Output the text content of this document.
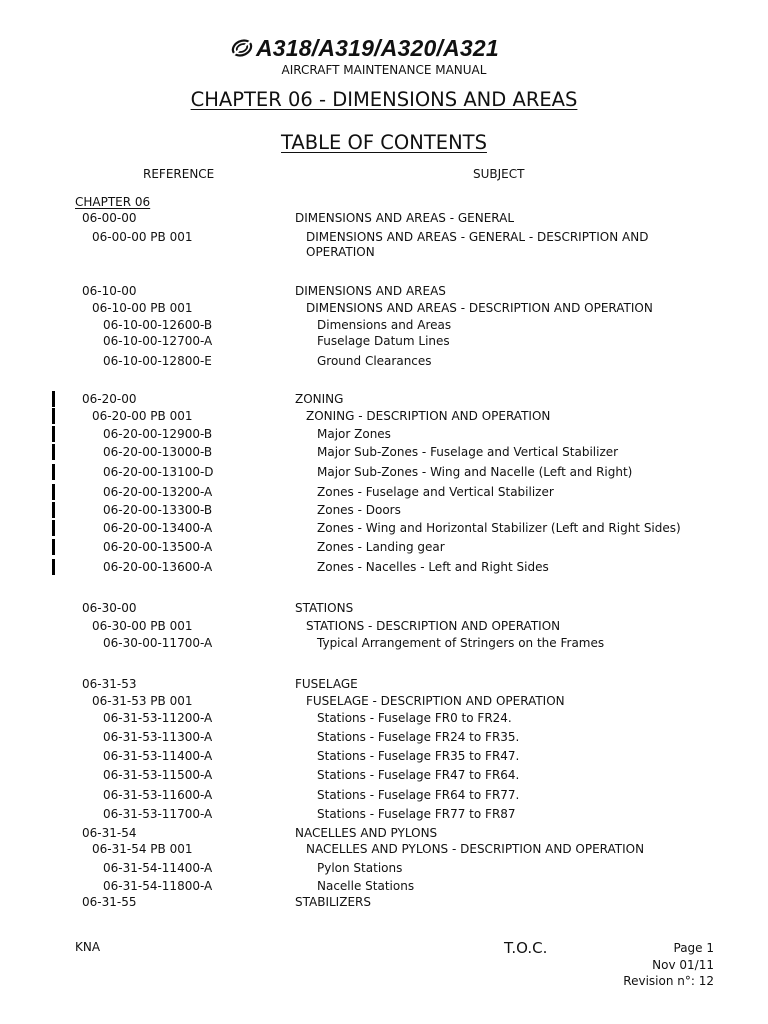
A318/A319/A320/A321
AIRCRAFT MAINTENANCE MANUAL
CHAPTER 06 - DIMENSIONS AND AREAS
TABLE OF CONTENTS
REFERENCE	SUBJECT
CHAPTER 06
06-00-00	DIMENSIONS AND AREAS - GENERAL
06-00-00 PB 001	DIMENSIONS AND AREAS - GENERAL - DESCRIPTION AND
OPERATION
06-10-00	DIMENSIONS AND AREAS
06-10-00 PB 001	DIMENSIONS AND AREAS - DESCRIPTION AND OPERATION
06-10-00-12600-B	Dimensions and Areas
06-10-00-12700-A	Fuselage Datum Lines
06-10-00-12800-E	Ground Clearances
06-20-00	ZONING
06-20-00 PB 001	ZONING - DESCRIPTION AND OPERATION
06-20-00-12900-B	Major Zones
06-20-00-13000-B	Major Sub-Zones - Fuselage and Vertical Stabilizer
06-20-00-13100-D	Major Sub-Zones - Wing and Nacelle (Left and Right)
06-20-00-13200-A	Zones - Fuselage and Vertical Stabilizer
06-20-00-13300-B	Zones - Doors
06-20-00-13400-A	Zones - Wing and Horizontal Stabilizer (Left and Right Sides)
06-20-00-13500-A	Zones - Landing gear
06-20-00-13600-A	Zones - Nacelles - Left and Right Sides
06-30-00	STATIONS
06-30-00 PB 001	STATIONS - DESCRIPTION AND OPERATION
06-30-00-11700-A	Typical Arrangement of Stringers on the Frames
06-31-53	FUSELAGE
06-31-53 PB 001	FUSELAGE - DESCRIPTION AND OPERATION
06-31-53-11200-A	Stations - Fuselage FR0 to FR24.
06-31-53-11300-A	Stations - Fuselage FR24 to FR35.
06-31-53-11400-A	Stations - Fuselage FR35 to FR47.
06-31-53-11500-A	Stations - Fuselage FR47 to FR64.
06-31-53-11600-A	Stations - Fuselage FR64 to FR77.
06-31-53-11700-A	Stations - Fuselage FR77 to FR87
06-31-54	NACELLES AND PYLONS
06-31-54 PB 001	NACELLES AND PYLONS - DESCRIPTION AND OPERATION
06-31-54-11400-A	Pylon Stations
06-31-54-11800-A	Nacelle Stations
06-31-55	STABILIZERS
KNA	T.O.C.	Page 1
Nov 01/11
Revision n°: 12
